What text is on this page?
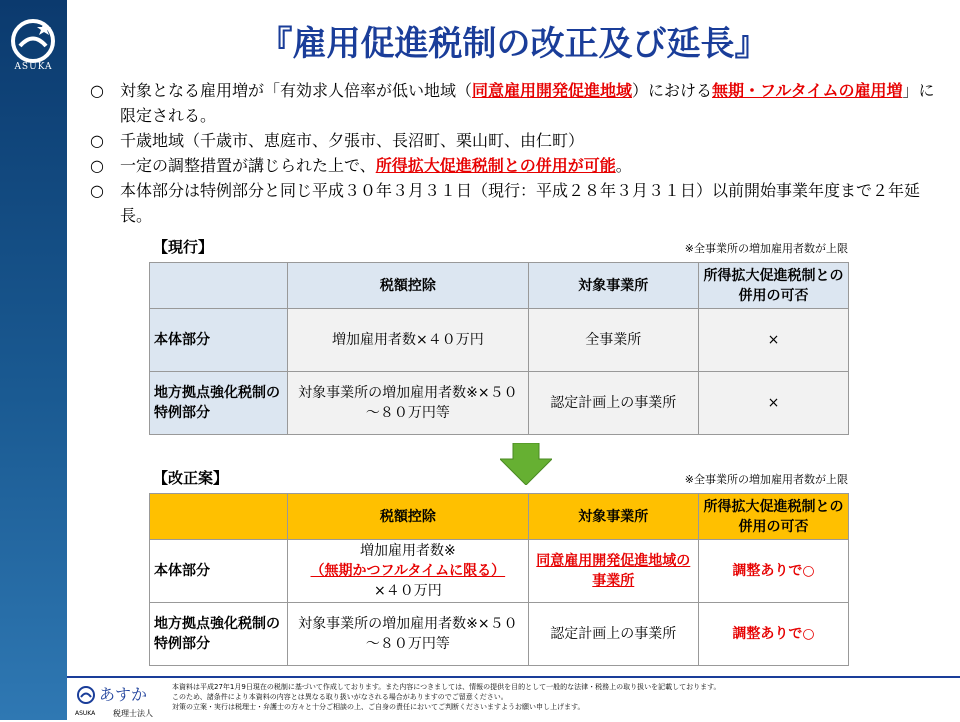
ASUKA
『雇用促進税制の改正及び延長』
○	対象となる雇用増が「有効求人倍率が低い地域（同意雇用開発促進地域）における無期・フルタイムの雇用増」に限定される。
○	千歳地域（千歳市、恵庭市、夕張市、長沼町、栗山町、由仁町）
○	一定の調整措置が講じられた上で、所得拡大促進税制との併用が可能。
○	本体部分は特例部分と同じ平成３０年３月３１日（現行：平成２８年３月３１日）以前開始事業年度まで２年延長。
【現行】	※全事業所の増加雇用者数が上限
	税額控除	対象事業所	所得拡大促進税制との併用の可否
本体部分	増加雇用者数×４０万円	全事業所	×
地方拠点強化税制の特例部分	対象事業所の増加雇用者数※×５０～８０万円等	認定計画上の事業所	×
【改正案】	※全事業所の増加雇用者数が上限
	税額控除	対象事業所	所得拡大促進税制との併用の可否
本体部分	増加雇用者数※
（無期かつフルタイムに限る）
×４０万円	同意雇用開発促進地域の事業所	調整ありで○
地方拠点強化税制の特例部分	対象事業所の増加雇用者数※×５０～８０万円等	認定計画上の事業所	調整ありで○
あすか
税理士法人
ASUKA
本資料は平成27年1月9日現在の税制に基づいて作成しております。また内容につきましては、情報の提供を目的として一般的な法律・税務上の取り扱いを記載しております。
このため、諸条件により本資料の内容とは異なる取り扱いがなされる場合がありますのでご留意ください。
対策の立案・実行は税理士・弁護士の方々と十分ご相談の上、ご自身の責任においてご判断くださいますようお願い申し上げます。
